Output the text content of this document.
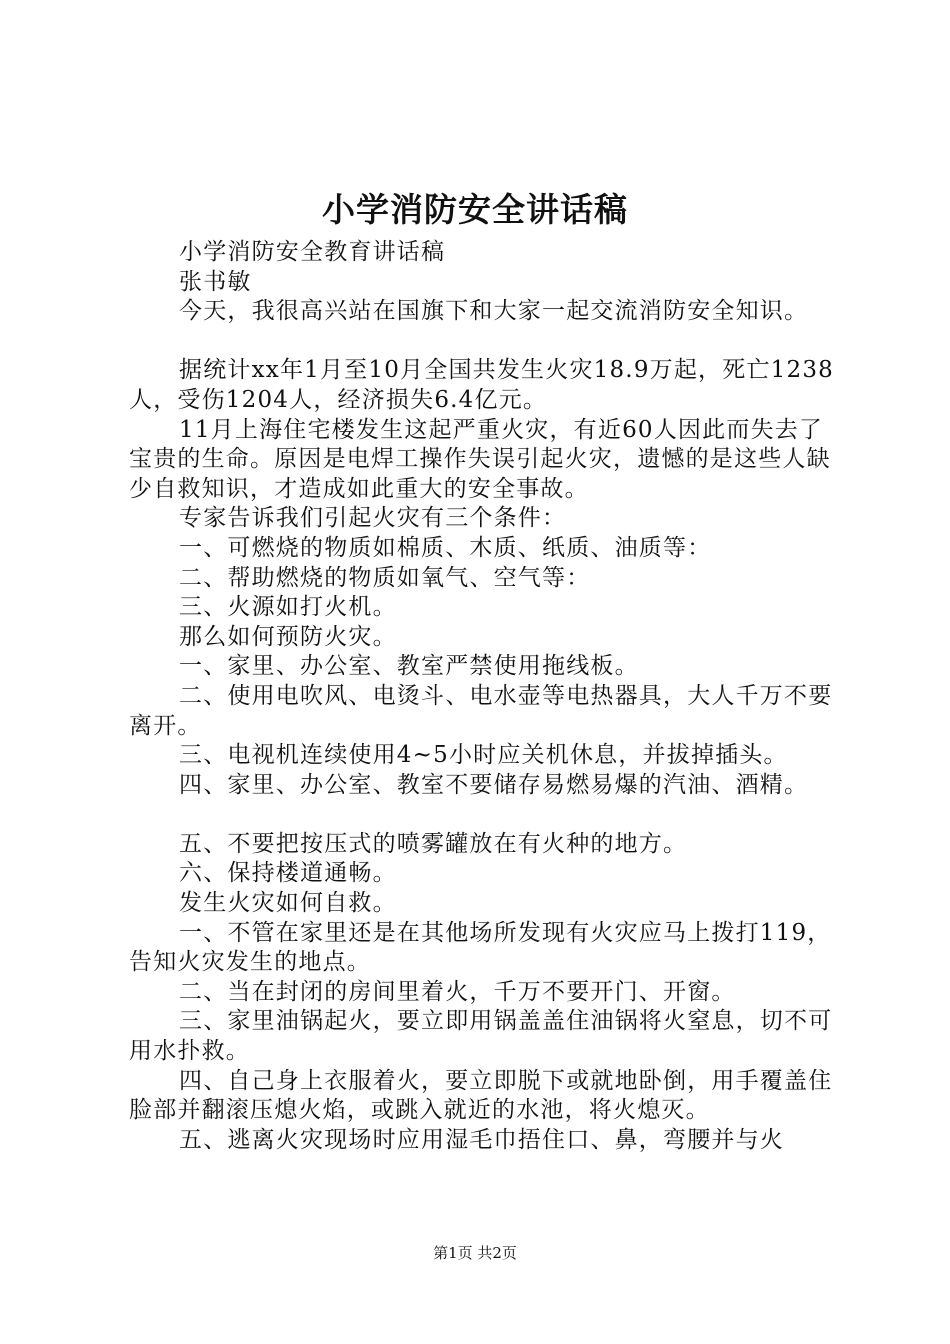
小学消防安全讲话稿

小学消防安全教育讲话稿

张书敏

今天，我很高兴站在国旗下和大家一起交流消防安全知识。

据统计xx年1月至10月全国共发生火灾18.9万起，死亡1238人，受伤1204人，经济损失6.4亿元。

11月上海住宅楼发生这起严重火灾，有近60人因此而失去了宝贵的生命。原因是电焊工操作失误引起火灾，遗憾的是这些人缺少自救知识，才造成如此重大的安全事故。

专家告诉我们引起火灾有三个条件：

一、可燃烧的物质如棉质、木质、纸质、油质等：

二、帮助燃烧的物质如氧气、空气等：

三、火源如打火机。

那么如何预防火灾。

一、家里、办公室、教室严禁使用拖线板。

二、使用电吹风、电烫斗、电水壶等电热器具，大人千万不要离开。

三、电视机连续使用4~5小时应关机休息，并拔掉插头。

四、家里、办公室、教室不要储存易燃易爆的汽油、酒精。

五、不要把按压式的喷雾罐放在有火种的地方。

六、保持楼道通畅。

发生火灾如何自救。

一、不管在家里还是在其他场所发现有火灾应马上拨打119，告知火灾发生的地点。

二、当在封闭的房间里着火，千万不要开门、开窗。

三、家里油锅起火，要立即用锅盖盖住油锅将火窒息，切不可用水扑救。

四、自己身上衣服着火，要立即脱下或就地卧倒，用手覆盖住脸部并翻滚压熄火焰，或跳入就近的水池，将火熄灭。

五、逃离火灾现场时应用湿毛巾捂住口、鼻，弯腰并与火

第1页 共2页
